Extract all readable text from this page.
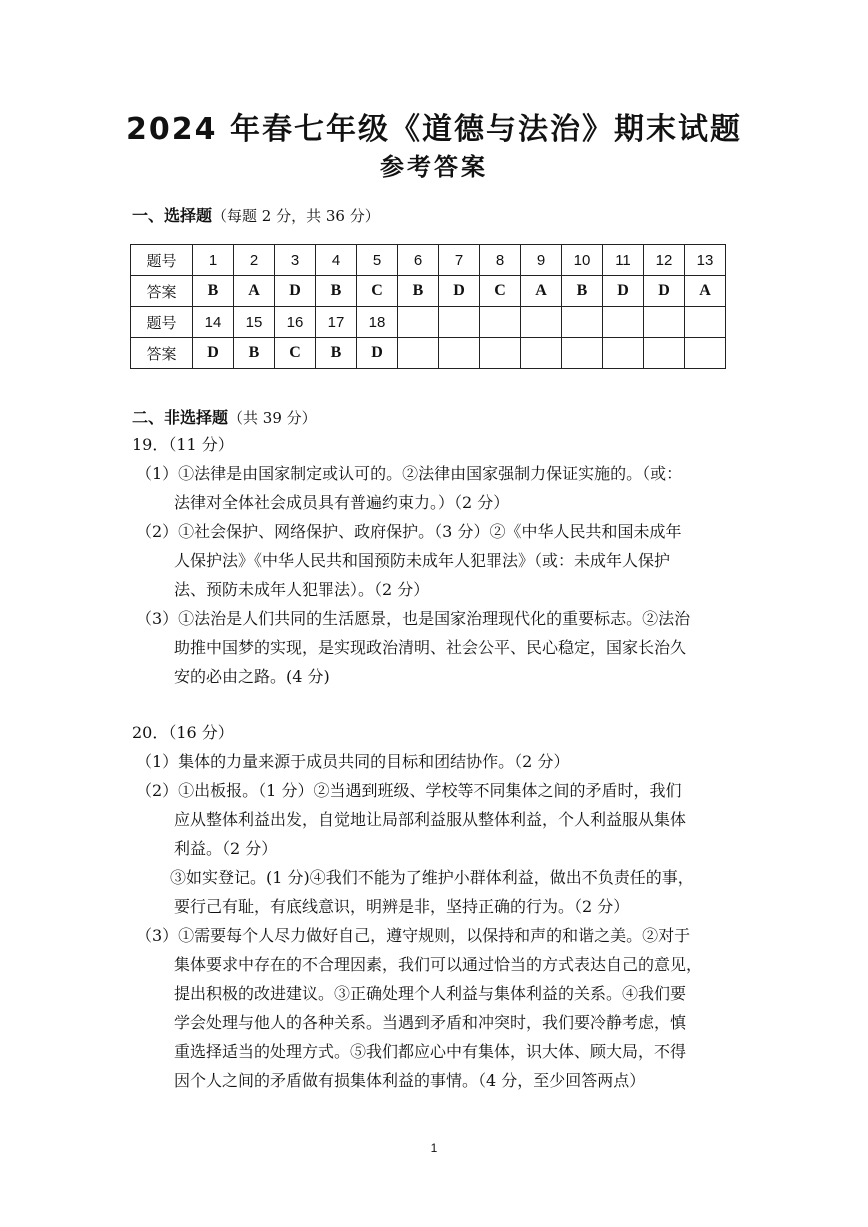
2024 年春七年级《道德与法治》期末试题
参考答案
一、选择题（每题 2 分，共 36 分）
题号	1	2	3	4	5	6	7	8	9	10	11	12	13
答案	B	A	D	B	C	B	D	C	A	B	D	D	A
题号	14	15	16	17	18								
答案	D	B	C	B	D								
二、非选择题（共 39 分）
19．（11 分）
（1）①法律是由国家制定或认可的。②法律由国家强制力保证实施的。（或：
法律对全体社会成员具有普遍约束力。）（2 分）
（2）①社会保护、网络保护、政府保护。（3 分）②《中华人民共和国未成年
人保护法》《中华人民共和国预防未成年人犯罪法》（或：未成年人保护
法、预防未成年人犯罪法）。（2 分）
（3）①法治是人们共同的生活愿景，也是国家治理现代化的重要标志。②法治
助推中国梦的实现，是实现政治清明、社会公平、民心稳定，国家长治久
安的必由之路。(4 分)
20．（16 分）
（1）集体的力量来源于成员共同的目标和团结协作。（2 分）
（2）①出板报。（1 分）②当遇到班级、学校等不同集体之间的矛盾时，我们
应从整体利益出发，自觉地让局部利益服从整体利益，个人利益服从集体
利益。（2 分）
③如实登记。(1 分)④我们不能为了维护小群体利益，做出不负责任的事，
要行己有耻，有底线意识，明辨是非，坚持正确的行为。（2 分）
（3）①需要每个人尽力做好自己，遵守规则，以保持和声的和谐之美。②对于
集体要求中存在的不合理因素，我们可以通过恰当的方式表达自己的意见，
提出积极的改进建议。③正确处理个人利益与集体利益的关系。④我们要
学会处理与他人的各种关系。当遇到矛盾和冲突时，我们要冷静考虑，慎
重选择适当的处理方式。⑤我们都应心中有集体，识大体、顾大局，不得
因个人之间的矛盾做有损集体利益的事情。（4 分，至少回答两点）
1
